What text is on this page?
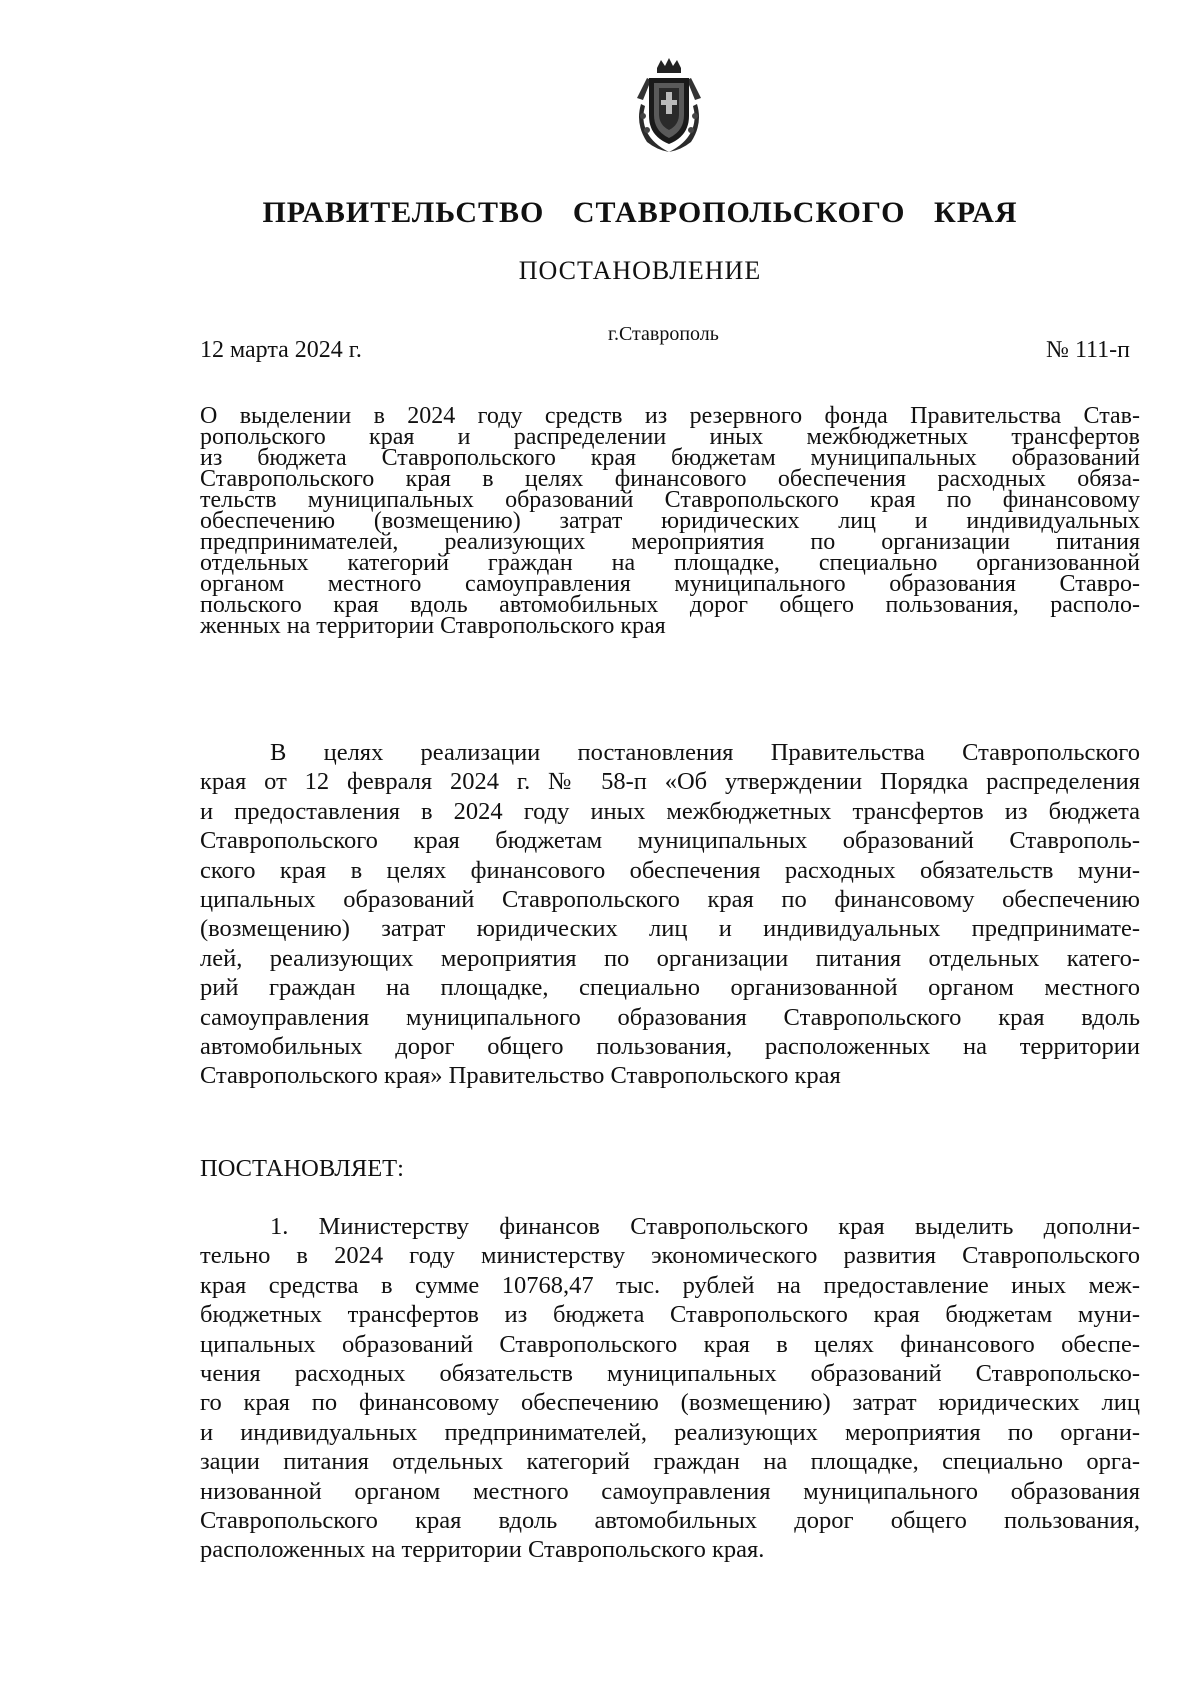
ПРАВИТЕЛЬСТВО СТАВРОПОЛЬСКОГО КРАЯ
ПОСТАНОВЛЕНИЕ
12 марта 2024 г.
г.Ставрополь
№ 111-п
О выделении в 2024 году средств из резервного фонда Правительства Став-
ропольского края и распределении иных межбюджетных трансфертов
из бюджета Ставропольского края бюджетам муниципальных образований
Ставропольского края в целях финансового обеспечения расходных обяза-
тельств муниципальных образований Ставропольского края по финансовому
обеспечению (возмещению) затрат юридических лиц и индивидуальных
предпринимателей, реализующих мероприятия по организации питания
отдельных категорий граждан на площадке, специально организованной
органом местного самоуправления муниципального образования Ставро-
польского края вдоль автомобильных дорог общего пользования, располо-
женных на территории Ставропольского края
В целях реализации постановления Правительства Ставропольского
края от 12 февраля 2024 г. № 58-п «Об утверждении Порядка распределения
и предоставления в 2024 году иных межбюджетных трансфертов из бюджета
Ставропольского края бюджетам муниципальных образований Ставрополь-
ского края в целях финансового обеспечения расходных обязательств муни-
ципальных образований Ставропольского края по финансовому обеспечению
(возмещению) затрат юридических лиц и индивидуальных предпринимате-
лей, реализующих мероприятия по организации питания отдельных катего-
рий граждан на площадке, специально организованной органом местного
самоуправления муниципального образования Ставропольского края вдоль
автомобильных дорог общего пользования, расположенных на территории
Ставропольского края» Правительство Ставропольского края
ПОСТАНОВЛЯЕТ:
1. Министерству финансов Ставропольского края выделить дополни-
тельно в 2024 году министерству экономического развития Ставропольского
края средства в сумме 10768,47 тыс. рублей на предоставление иных меж-
бюджетных трансфертов из бюджета Ставропольского края бюджетам муни-
ципальных образований Ставропольского края в целях финансового обеспе-
чения расходных обязательств муниципальных образований Ставропольско-
го края по финансовому обеспечению (возмещению) затрат юридических лиц
и индивидуальных предпринимателей, реализующих мероприятия по органи-
зации питания отдельных категорий граждан на площадке, специально орга-
низованной органом местного самоуправления муниципального образования
Ставропольского края вдоль автомобильных дорог общего пользования,
расположенных на территории Ставропольского края.
